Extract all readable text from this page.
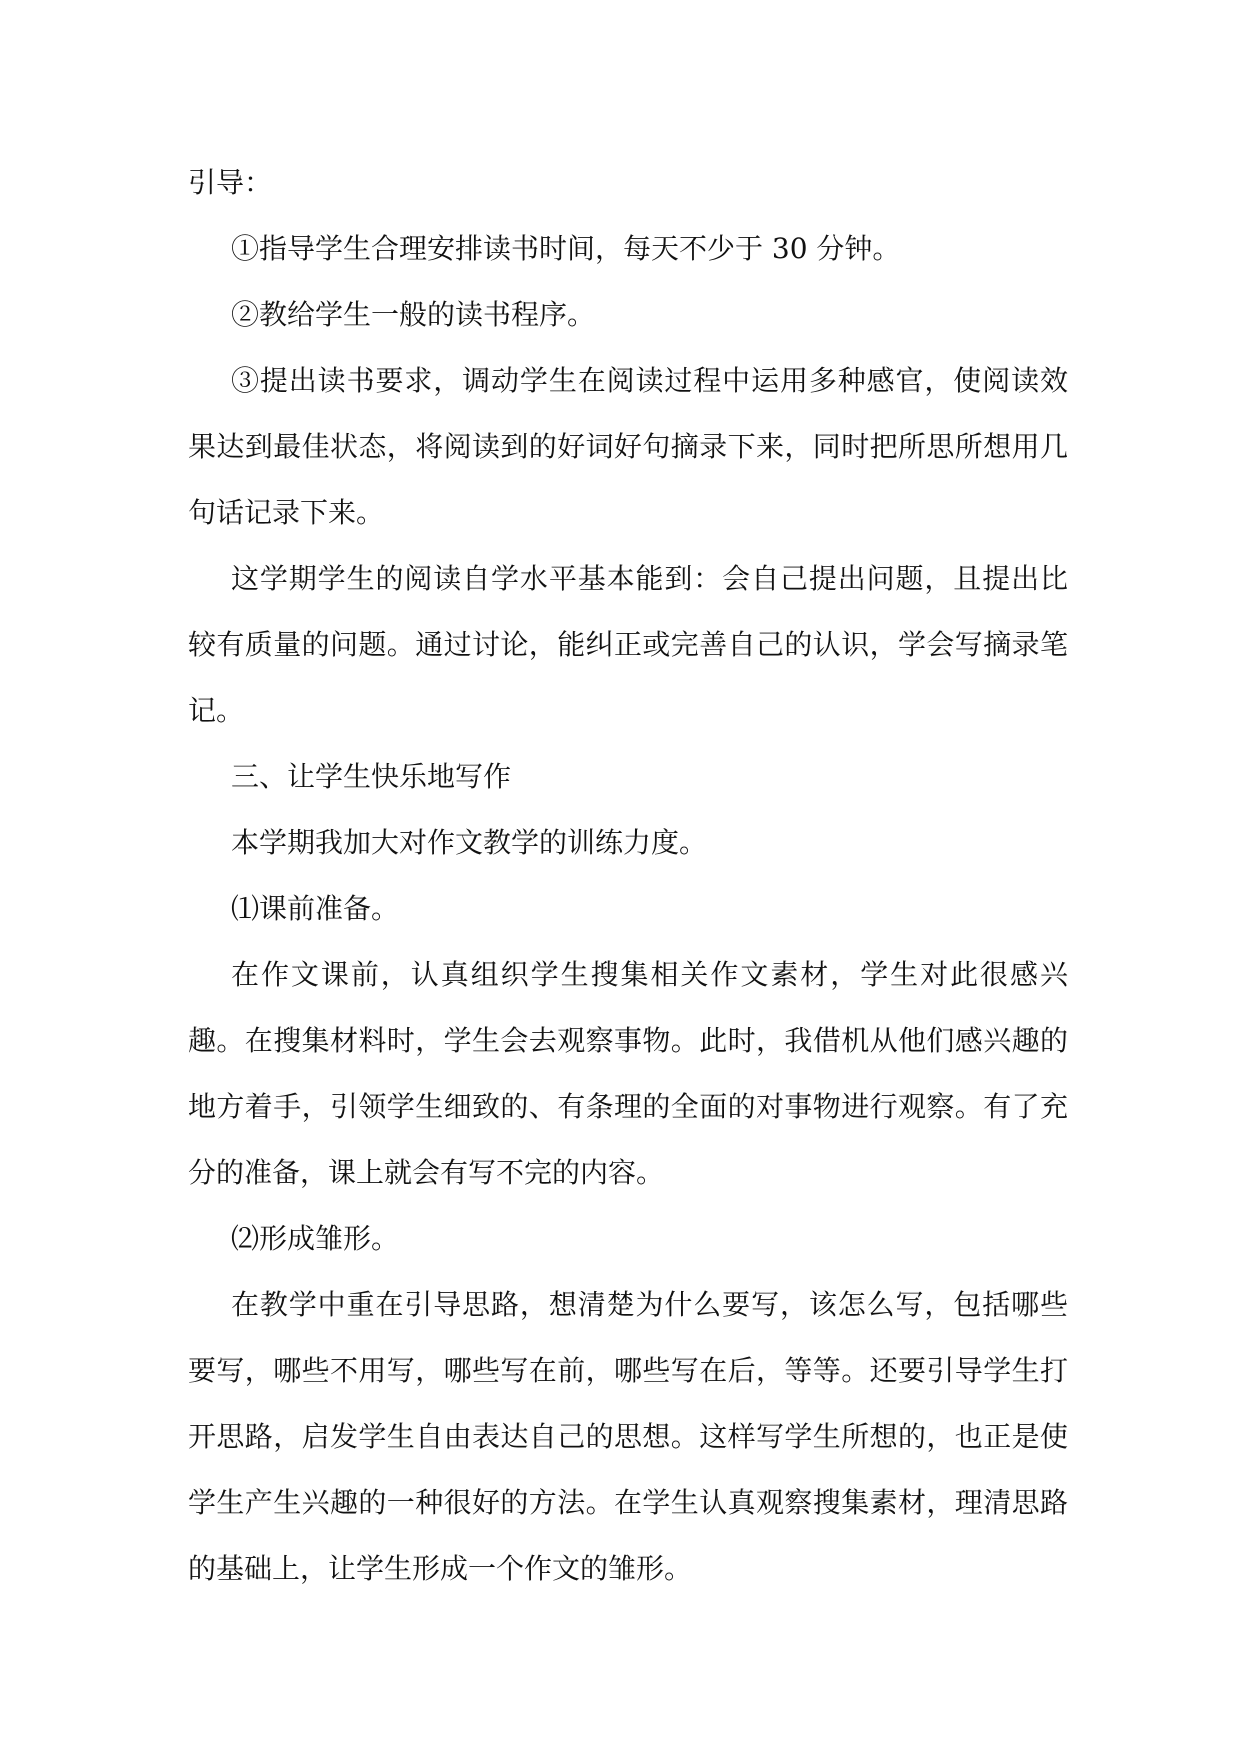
引导：

①指导学生合理安排读书时间，每天不少于 30 分钟。

②教给学生一般的读书程序。

③提出读书要求，调动学生在阅读过程中运用多种感官，使阅读效果达到最佳状态，将阅读到的好词好句摘录下来，同时把所思所想用几句话记录下来。

这学期学生的阅读自学水平基本能到：会自己提出问题，且提出比较有质量的问题。通过讨论，能纠正或完善自己的认识，学会写摘录笔记。

三、让学生快乐地写作

本学期我加大对作文教学的训练力度。

⑴课前准备。

在作文课前，认真组织学生搜集相关作文素材，学生对此很感兴趣。在搜集材料时，学生会去观察事物。此时，我借机从他们感兴趣的地方着手，引领学生细致的、有条理的全面的对事物进行观察。有了充分的准备，课上就会有写不完的内容。

⑵形成雏形。

在教学中重在引导思路，想清楚为什么要写，该怎么写，包括哪些要写，哪些不用写，哪些写在前，哪些写在后，等等。还要引导学生打开思路，启发学生自由表达自己的思想。这样写学生所想的，也正是使学生产生兴趣的一种很好的方法。在学生认真观察搜集素材，理清思路的基础上，让学生形成一个作文的雏形。
